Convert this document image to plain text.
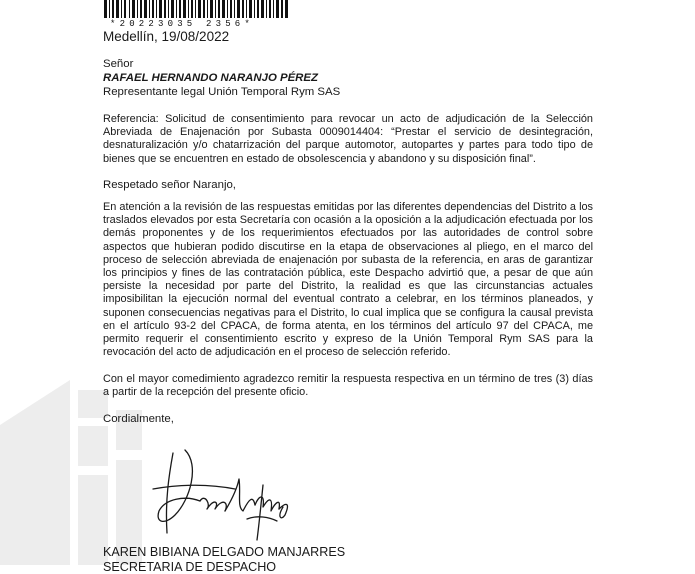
*20223035 2356*
Medellín, 19/08/2022
Señor
RAFAEL HERNANDO NARANJO PÉREZ
Representante legal Unión Temporal Rym SAS
Referencia: Solicitud de consentimiento para revocar un acto de adjudicación de la Selección Abreviada de Enajenación por Subasta 0009014404: “Prestar el servicio de desintegración, desnaturalización y/o chatarrización del parque automotor, autopartes y partes para todo tipo de bienes que se encuentren en estado de obsolescencia y abandono y su disposición final”.
Respetado señor Naranjo,
En atención a la revisión de las respuestas emitidas por las diferentes dependencias del Distrito a los traslados elevados por esta Secretaría con ocasión a la oposición a la adjudicación efectuada por los demás proponentes y de los requerimientos efectuados por las autoridades de control sobre aspectos que hubieran podido discutirse en la etapa de observaciones al pliego, en el marco del proceso de selección abreviada de enajenación por subasta de la referencia, en aras de garantizar los principios y fines de las contratación pública, este Despacho advirtió que, a pesar de que aún persiste la necesidad por parte del Distrito, la realidad es que las circunstancias actuales imposibilitan la ejecución normal del eventual contrato a celebrar, en los términos planeados, y suponen consecuencias negativas para el Distrito, lo cual implica que se configura la causal prevista en el artículo 93-2 del CPACA, de forma atenta, en los términos del artículo 97 del CPACA, me permito requerir el consentimiento escrito y expreso de la Unión Temporal Rym SAS para la revocación del acto de adjudicación en el proceso de selección referido.
Con el mayor comedimiento agradezco remitir la respuesta respectiva en un término de tres (3) días a partir de la recepción del presente oficio.
Cordialmente,
KAREN BIBIANA DELGADO MANJARRES
SECRETARIA DE DESPACHO
